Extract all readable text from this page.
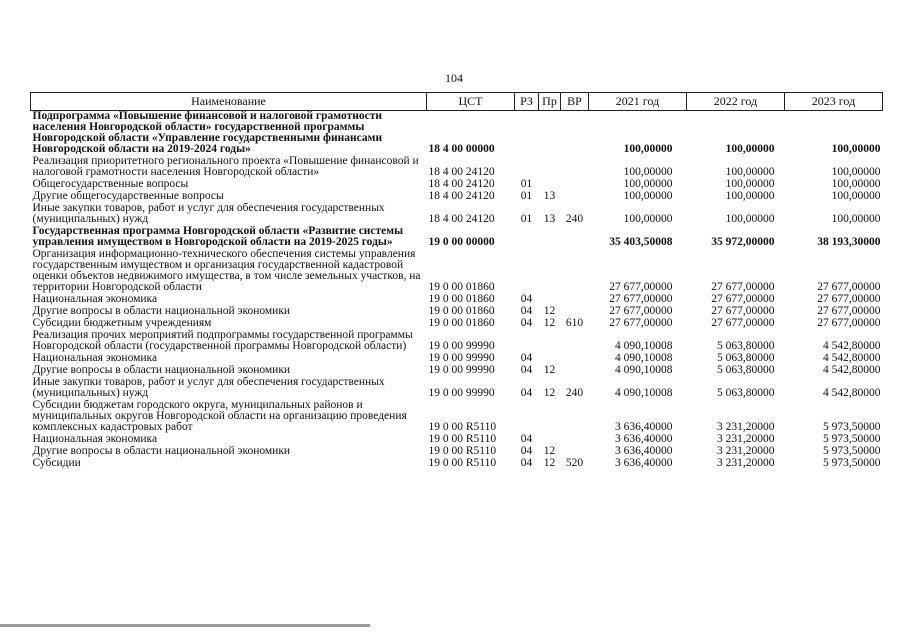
104
Наименование	ЦСТ	РЗ	Пр	ВР	2021 год	2022 год	2023 год
Подпрограмма «Повышение финансовой и налоговой грамотности населения Новгородской области» государственной программы Новгородской области «Управление государственными финансами Новгородской области на 2019-2024 годы»	18 4 00 00000				100,00000	100,00000	100,00000
Реализация приоритетного регионального проекта «Повышение финансовой и налоговой грамотности населения Новгородской области»	18 4 00 24120				100,00000	100,00000	100,00000
Общегосударственные вопросы	18 4 00 24120	01			100,00000	100,00000	100,00000
Другие общегосударственные вопросы	18 4 00 24120	01	13		100,00000	100,00000	100,00000
Иные закупки товаров, работ и услуг для обеспечения государственных (муниципальных) нужд	18 4 00 24120	01	13	240	100,00000	100,00000	100,00000
Государственная программа Новгородской области «Развитие системы управления имуществом в Новгородской области на 2019-2025 годы»	19 0 00 00000				35 403,50008	35 972,00000	38 193,30000
Организация информационно-технического обеспечения системы управления государственным имуществом и организация государственной кадастровой оценки объектов недвижимого имущества, в том числе земельных участков, на территории Новгородской области	19 0 00 01860				27 677,00000	27 677,00000	27 677,00000
Национальная экономика	19 0 00 01860	04			27 677,00000	27 677,00000	27 677,00000
Другие вопросы в области национальной экономики	19 0 00 01860	04	12		27 677,00000	27 677,00000	27 677,00000
Субсидии бюджетным учреждениям	19 0 00 01860	04	12	610	27 677,00000	27 677,00000	27 677,00000
Реализация прочих мероприятий подпрограммы государственной программы Новгородской области (государственной программы Новгородской области)	19 0 00 99990				4 090,10008	5 063,80000	4 542,80000
Национальная экономика	19 0 00 99990	04			4 090,10008	5 063,80000	4 542,80000
Другие вопросы в области национальной экономики	19 0 00 99990	04	12		4 090,10008	5 063,80000	4 542,80000
Иные закупки товаров, работ и услуг для обеспечения государственных (муниципальных) нужд	19 0 00 99990	04	12	240	4 090,10008	5 063,80000	4 542,80000
Субсидии бюджетам городского округа, муниципальных районов и муниципальных округов Новгородской области на организацию проведения комплексных кадастровых работ	19 0 00 R5110				3 636,40000	3 231,20000	5 973,50000
Национальная экономика	19 0 00 R5110	04			3 636,40000	3 231,20000	5 973,50000
Другие вопросы в области национальной экономики	19 0 00 R5110	04	12		3 636,40000	3 231,20000	5 973,50000
Субсидии	19 0 00 R5110	04	12	520	3 636,40000	3 231,20000	5 973,50000
